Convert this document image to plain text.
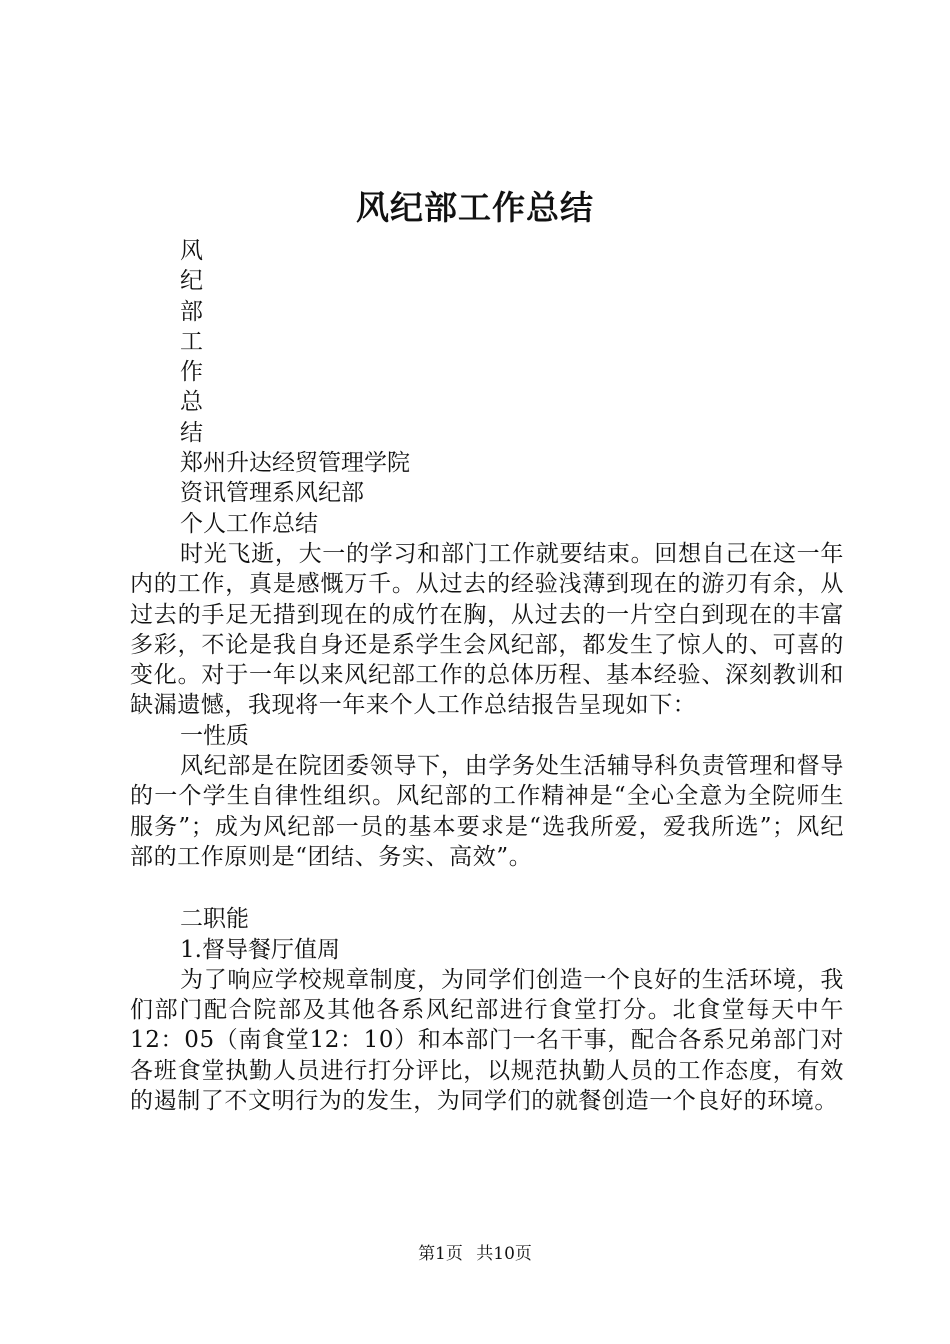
风纪部工作总结
风
纪
部
工
作
总
结

郑州升达经贸管理学院

资讯管理系风纪部

个人工作总结

时光飞逝，大一的学习和部门工作就要结束。回想自己在这一年内的工作，真是感慨万千。从过去的经验浅薄到现在的游刃有余，从过去的手足无措到现在的成竹在胸，从过去的一片空白到现在的丰富多彩，不论是我自身还是系学生会风纪部，都发生了惊人的、可喜的变化。对于一年以来风纪部工作的总体历程、基本经验、深刻教训和缺漏遗憾，我现将一年来个人工作总结报告呈现如下：

一性质

风纪部是在院团委领导下，由学务处生活辅导科负责管理和督导的一个学生自律性组织。风纪部的工作精神是“全心全意为全院师生服务”；成为风纪部一员的基本要求是“选我所爱，爱我所选”；风纪部的工作原则是“团结、务实、高效”。

二职能

1.督导餐厅值周

为了响应学校规章制度，为同学们创造一个良好的生活环境，我们部门配合院部及其他各系风纪部进行食堂打分。北食堂每天中午12：05（南食堂12：10）和本部门一名干事，配合各系兄弟部门对各班食堂执勤人员进行打分评比，以规范执勤人员的工作态度，有效的遏制了不文明行为的发生，为同学们的就餐创造一个良好的环境。

第1页 共10页
